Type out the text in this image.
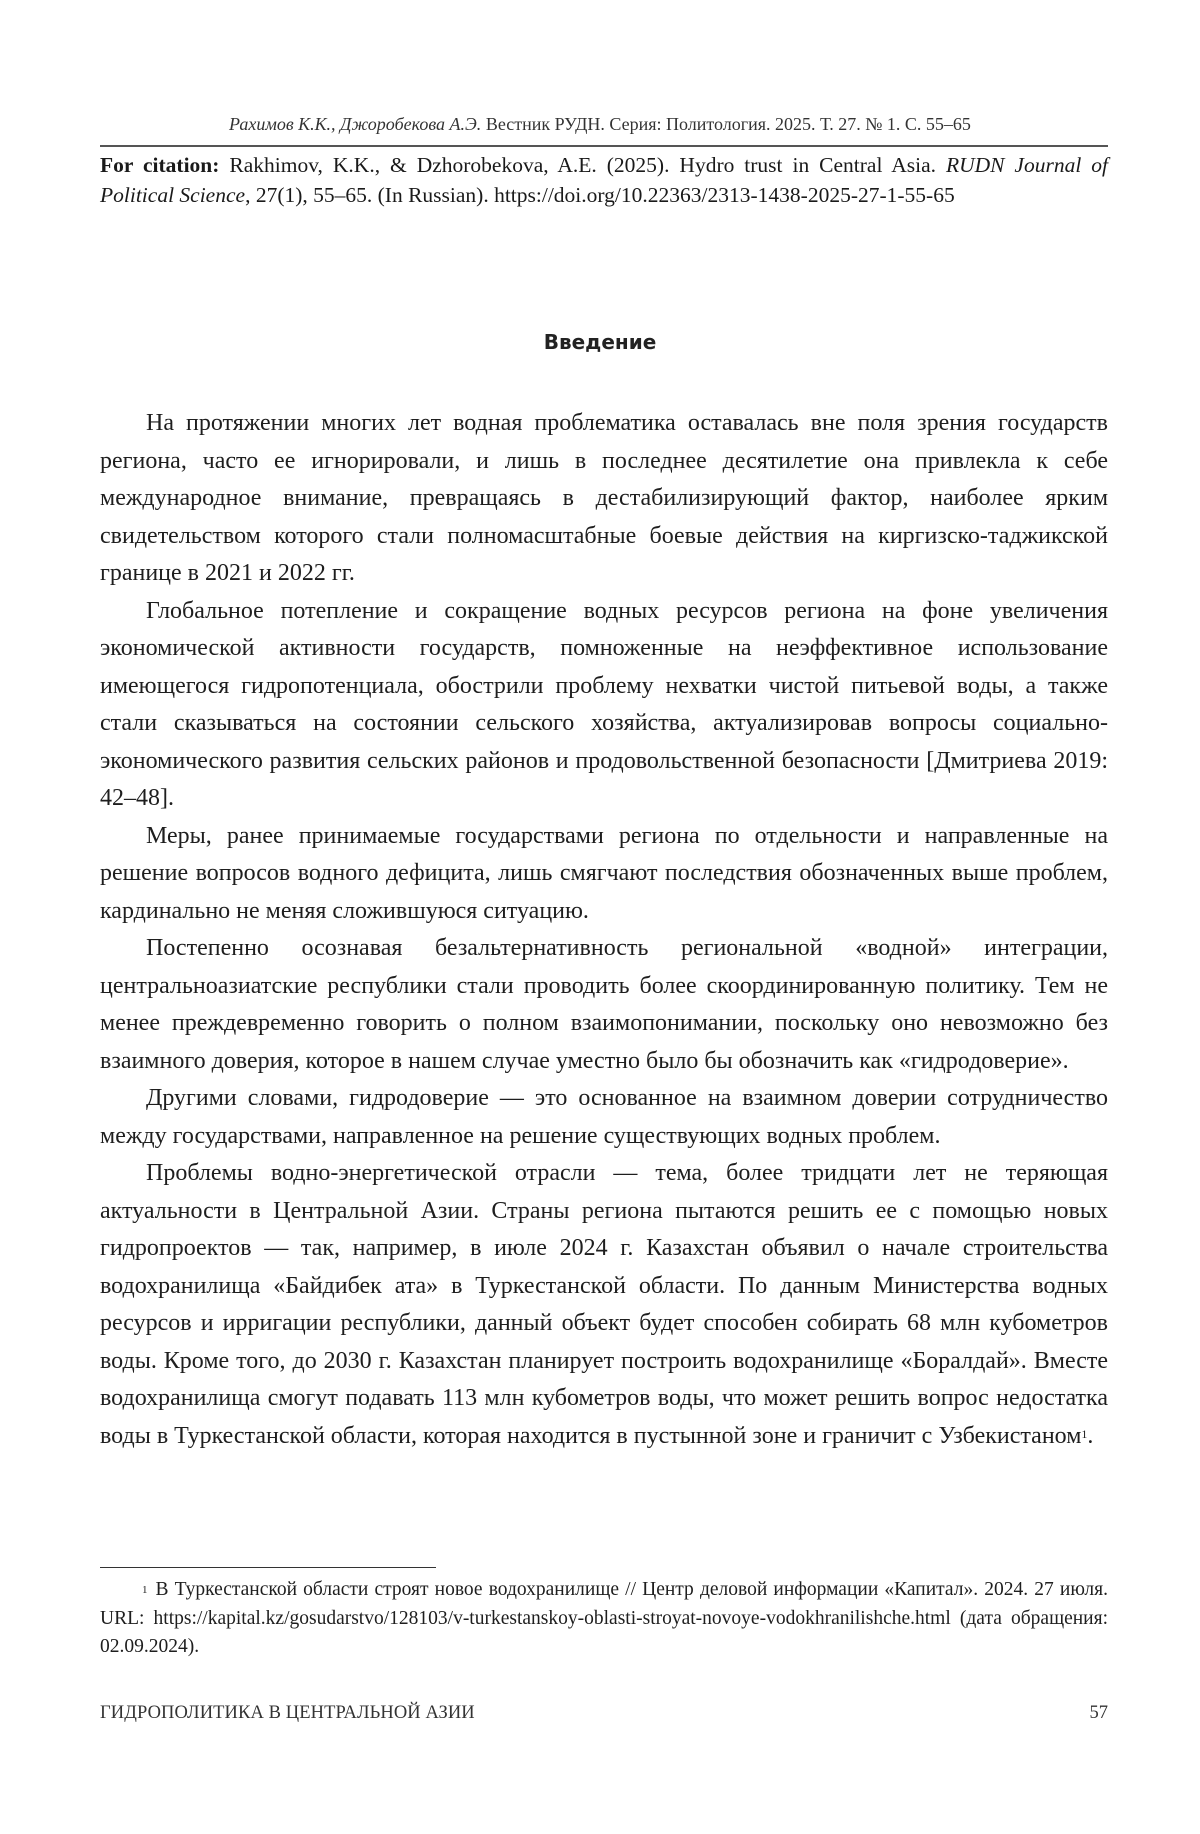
Рахимов К.К., Джоробекова А.Э. Вестник РУДН. Серия: Политология. 2025. Т. 27. № 1. С. 55–65
For citation: Rakhimov, K.K., & Dzhorobekova, A.E. (2025). Hydro trust in Central Asia. RUDN Journal of Political Science, 27(1), 55–65. (In Russian). https://doi.org/10.22363/2313-1438-2025-27-1-55-65
Введение

На протяжении многих лет водная проблематика оставалась вне поля зрения государств региона, часто ее игнорировали, и лишь в последнее десятилетие она привлекла к себе международное внимание, превращаясь в дестабилизирующий фактор, наиболее ярким свидетельством которого стали полномасштабные боевые действия на киргизско-таджикской границе в 2021 и 2022 гг.

Глобальное потепление и сокращение водных ресурсов региона на фоне увеличения экономической активности государств, помноженные на неэффективное использование имеющегося гидропотенциала, обострили проблему нехватки чистой питьевой воды, а также стали сказываться на состоянии сельского хозяйства, актуализировав вопросы социально-экономического развития сельских районов и продовольственной безопасности [Дмитриева 2019: 42–48].

Меры, ранее принимаемые государствами региона по отдельности и направленные на решение вопросов водного дефицита, лишь смягчают последствия обозначенных выше проблем, кардинально не меняя сложившуюся ситуацию.

Постепенно осознавая безальтернативность региональной «водной» интеграции, центральноазиатские республики стали проводить более скоординированную политику. Тем не менее преждевременно говорить о полном взаимопонимании, поскольку оно невозможно без взаимного доверия, которое в нашем случае уместно было бы обозначить как «гидродоверие».

Другими словами, гидродоверие — это основанное на взаимном доверии сотрудничество между государствами, направленное на решение существующих водных проблем.

Проблемы водно-энергетической отрасли — тема, более тридцати лет не теряющая актуальности в Центральной Азии. Страны региона пытаются решить ее с помощью новых гидропроектов — так, например, в июле 2024 г. Казахстан объявил о начале строительства водохранилища «Байдибек ата» в Туркестанской области. По данным Министерства водных ресурсов и ирригации республики, данный объект будет способен собирать 68 млн кубометров воды. Кроме того, до 2030 г. Казахстан планирует построить водохранилище «Боралдай». Вместе водохранилища смогут подавать 113 млн кубометров воды, что может решить вопрос недостатка воды в Туркестанской области, которая находится в пустынной зоне и граничит с Узбекистаном$^1$.

$^1$ В Туркестанской области строят новое водохранилище // Центр деловой информации «Капитал». 2024. 27 июля. URL: https://kapital.kz/gosudarstvo/128103/v-turkestanskoy-oblasti-stroyat-novoye-vodokhranilishche.html (дата обращения: 02.09.2024).

ГИДРОПОЛИТИКА В ЦЕНТРАЛЬНОЙ АЗИИ	57
